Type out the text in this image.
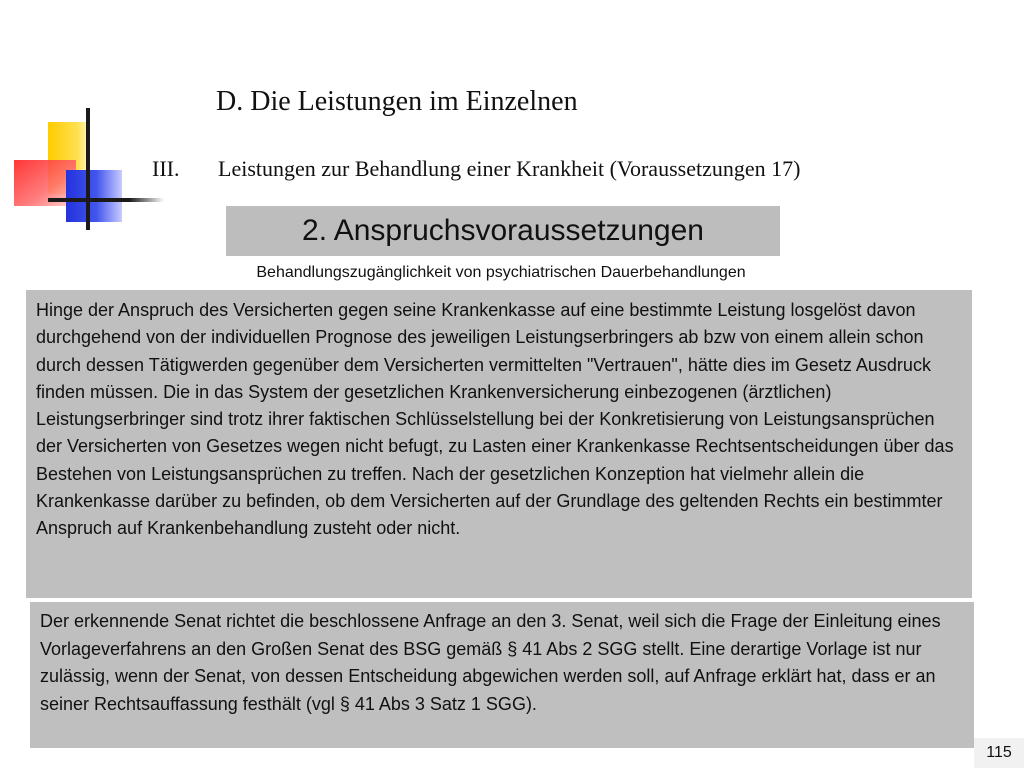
D. Die Leistungen im Einzelnen
III. Leistungen zur Behandlung einer Krankheit (Voraussetzungen 17)
2. Anspruchsvoraussetzungen
Behandlungszugänglichkeit von psychiatrischen Dauerbehandlungen
Hinge der Anspruch des Versicherten gegen seine Krankenkasse auf eine bestimmte Leistung losgelöst davon durchgehend von der individuellen Prognose des jeweiligen Leistungserbringers ab bzw von einem allein schon durch dessen Tätigwerden gegenüber dem Versicherten vermittelten "Vertrauen", hätte dies im Gesetz Ausdruck finden müssen. Die in das System der gesetzlichen Krankenversicherung einbezogenen (ärztlichen) Leistungserbringer sind trotz ihrer faktischen Schlüsselstellung bei der Konkretisierung von Leistungsansprüchen der Versicherten von Gesetzes wegen nicht befugt, zu Lasten einer Krankenkasse Rechtsentscheidungen über das Bestehen von Leistungsansprüchen zu treffen. Nach der gesetzlichen Konzeption hat vielmehr allein die Krankenkasse darüber zu befinden, ob dem Versicherten auf der Grundlage des geltenden Rechts ein bestimmter Anspruch auf Krankenbehandlung zusteht oder nicht.
Der erkennende Senat richtet die beschlossene Anfrage an den 3. Senat, weil sich die Frage der Einleitung eines Vorlageverfahrens an den Großen Senat des BSG gemäß § 41 Abs 2 SGG stellt. Eine derartige Vorlage ist nur zulässig, wenn der Senat, von dessen Entscheidung abgewichen werden soll, auf Anfrage erklärt hat, dass er an seiner Rechtsauffassung festhält (vgl § 41 Abs 3 Satz 1 SGG).
115
